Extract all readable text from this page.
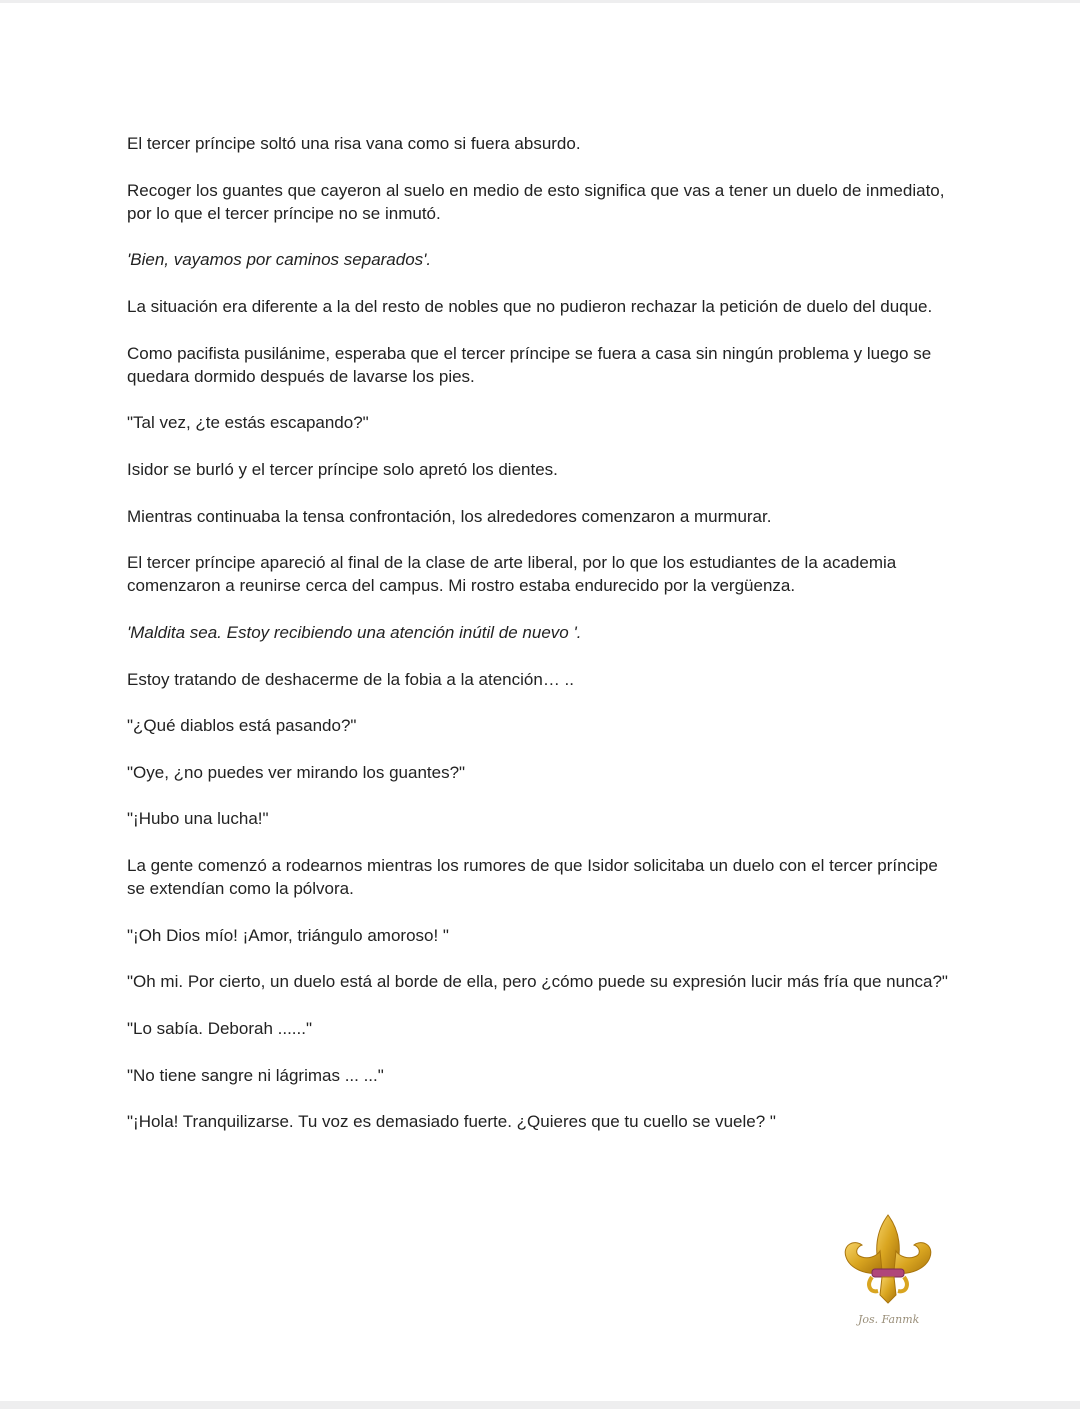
El tercer príncipe soltó una risa vana como si fuera absurdo.

Recoger los guantes que cayeron al suelo en medio de esto significa que vas a tener un duelo de inmediato, por lo que el tercer príncipe no se inmutó.

'Bien, vayamos por caminos separados'.

La situación era diferente a la del resto de nobles que no pudieron rechazar la petición de duelo del duque.

Como pacifista pusilánime, esperaba que el tercer príncipe se fuera a casa sin ningún problema y luego se quedara dormido después de lavarse los pies.

"Tal vez, ¿te estás escapando?"

Isidor se burló y el tercer príncipe solo apretó los dientes.

Mientras continuaba la tensa confrontación, los alrededores comenzaron a murmurar.

El tercer príncipe apareció al final de la clase de arte liberal, por lo que los estudiantes de la academia comenzaron a reunirse cerca del campus. Mi rostro estaba endurecido por la vergüenza.

'Maldita sea. Estoy recibiendo una atención inútil de nuevo '.

Estoy tratando de deshacerme de la fobia a la atención… ..

"¿Qué diablos está pasando?"

"Oye, ¿no puedes ver mirando los guantes?"

"¡Hubo una lucha!"

La gente comenzó a rodearnos mientras los rumores de que Isidor solicitaba un duelo con el tercer príncipe se extendían como la pólvora.

"¡Oh Dios mío! ¡Amor, triángulo amoroso! "

"Oh mi. Por cierto, un duelo está al borde de ella, pero ¿cómo puede su expresión lucir más fría que nunca?"

"Lo sabía. Deborah ......"

"No tiene sangre ni lágrimas ... ..."

"¡Hola! Tranquilizarse. Tu voz es demasiado fuerte. ¿Quieres que tu cuello se vuele? "

Jos. Fanmk
